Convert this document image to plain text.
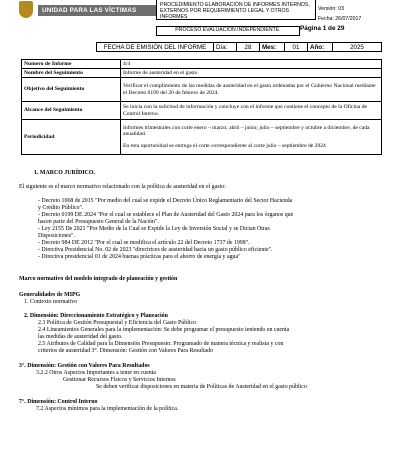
UNIDAD PARA LAS VÍCTIMAS
PROCEDIMIENTO ELABORACIÓN DE INFORMES INTERNOS,
EXTERNOS POR REQUERIMIENTO LEGAL Y OTROS INFORMES
Versión: 03
Fecha: 26/07/2017
PROCESO EVALUACIÓN INDEPENDIENTE.	Página 1 de 29
FECHA DE EMISIÓN DEL INFORME	Día:	28	Mes:	01	Año:	2025
Numero de Informe	4/4
Nombre del Seguimiento	Informe de austeridad en el gasto
Objetivo del Seguimiento	Verificar el cumplimiento de las medidas de austeridad en el gasto ordenadas por el Gobierno Nacional mediante el Decreto 0199 del 20 de febrero de 2024.
Alcance del Seguimiento	Se inicia con la solicitud de información y concluye con el informe que contiene el concepto de la Oficina de Control Interno.
Periodicidad	Informes trimestrales con corte enero – marzo; abril – junio; julio – septiembre y octubre a diciembre, de cada anualidad.
En esta oportunidad se entrega el corte correspondiente al corte julio – septiembre de 2024
1. MARCO JURÍDICO.
El siguiente es el marco normativo relacionado con la política de austeridad en el gasto:
- Decreto 1068 de 2015 "Por medio del cual se expide el Decreto Único Reglamentario del Sector Hacienda
y Crédito Público".
- Decreto 0199 DE 2024 "Por el cual se establece el Plan de Austeridad del Gasto 2024 para los órganos que
hacen parte del Presupuesto General de la Nación".
- Ley 2155 De 2021 "Por Medio de la Cual se Expide la Ley de Inversión Social y se Dictan Otras
Disposiciones".
- Decreto 984 DE 2012 "Por el cual se modifica el artículo 22 del Decreto 1737 de 1998".
- Directiva Presidencial No. 02 de 2023 "directrices de austeridad hacia un gasto público eficiente".
- Directiva presidencial 01 de 2024 buenas prácticas para el ahorro de energía y agua"
Marco normativo del modelo integrado de planeación y gestión
Generalidades de MIPG
1. Contexto normativo
2. Dimensión: Direccionamiento Estratégico y Planeación
2.3 Política de Gestión Presupuestal y Eficiencia del Gasto Público
2.4 Lineamientos Generales para la implementación: Se debe programar el presupuesto teniendo en cuenta
las medidas de austeridad del gasto.
2.5 Atributos de Calidad para la Dimensión Presupuesto: Programado de manera técnica y realista y con
criterios de austeridad 3°. Dimensión: Gestión con Valores Para Resultado
3°. Dimensión: Gestión con Valores Para Resultados
3.2.2 Otros Aspectos Importantes a tener en cuenta
Gestionar Recursos Físicos y Servicios Internos
Se deben verificar disposiciones en materia de Políticas de Austeridad en el gasto público
7°. Dimensión: Control Interno
7.2 Aspectos mínimos para la implementación de la política.
